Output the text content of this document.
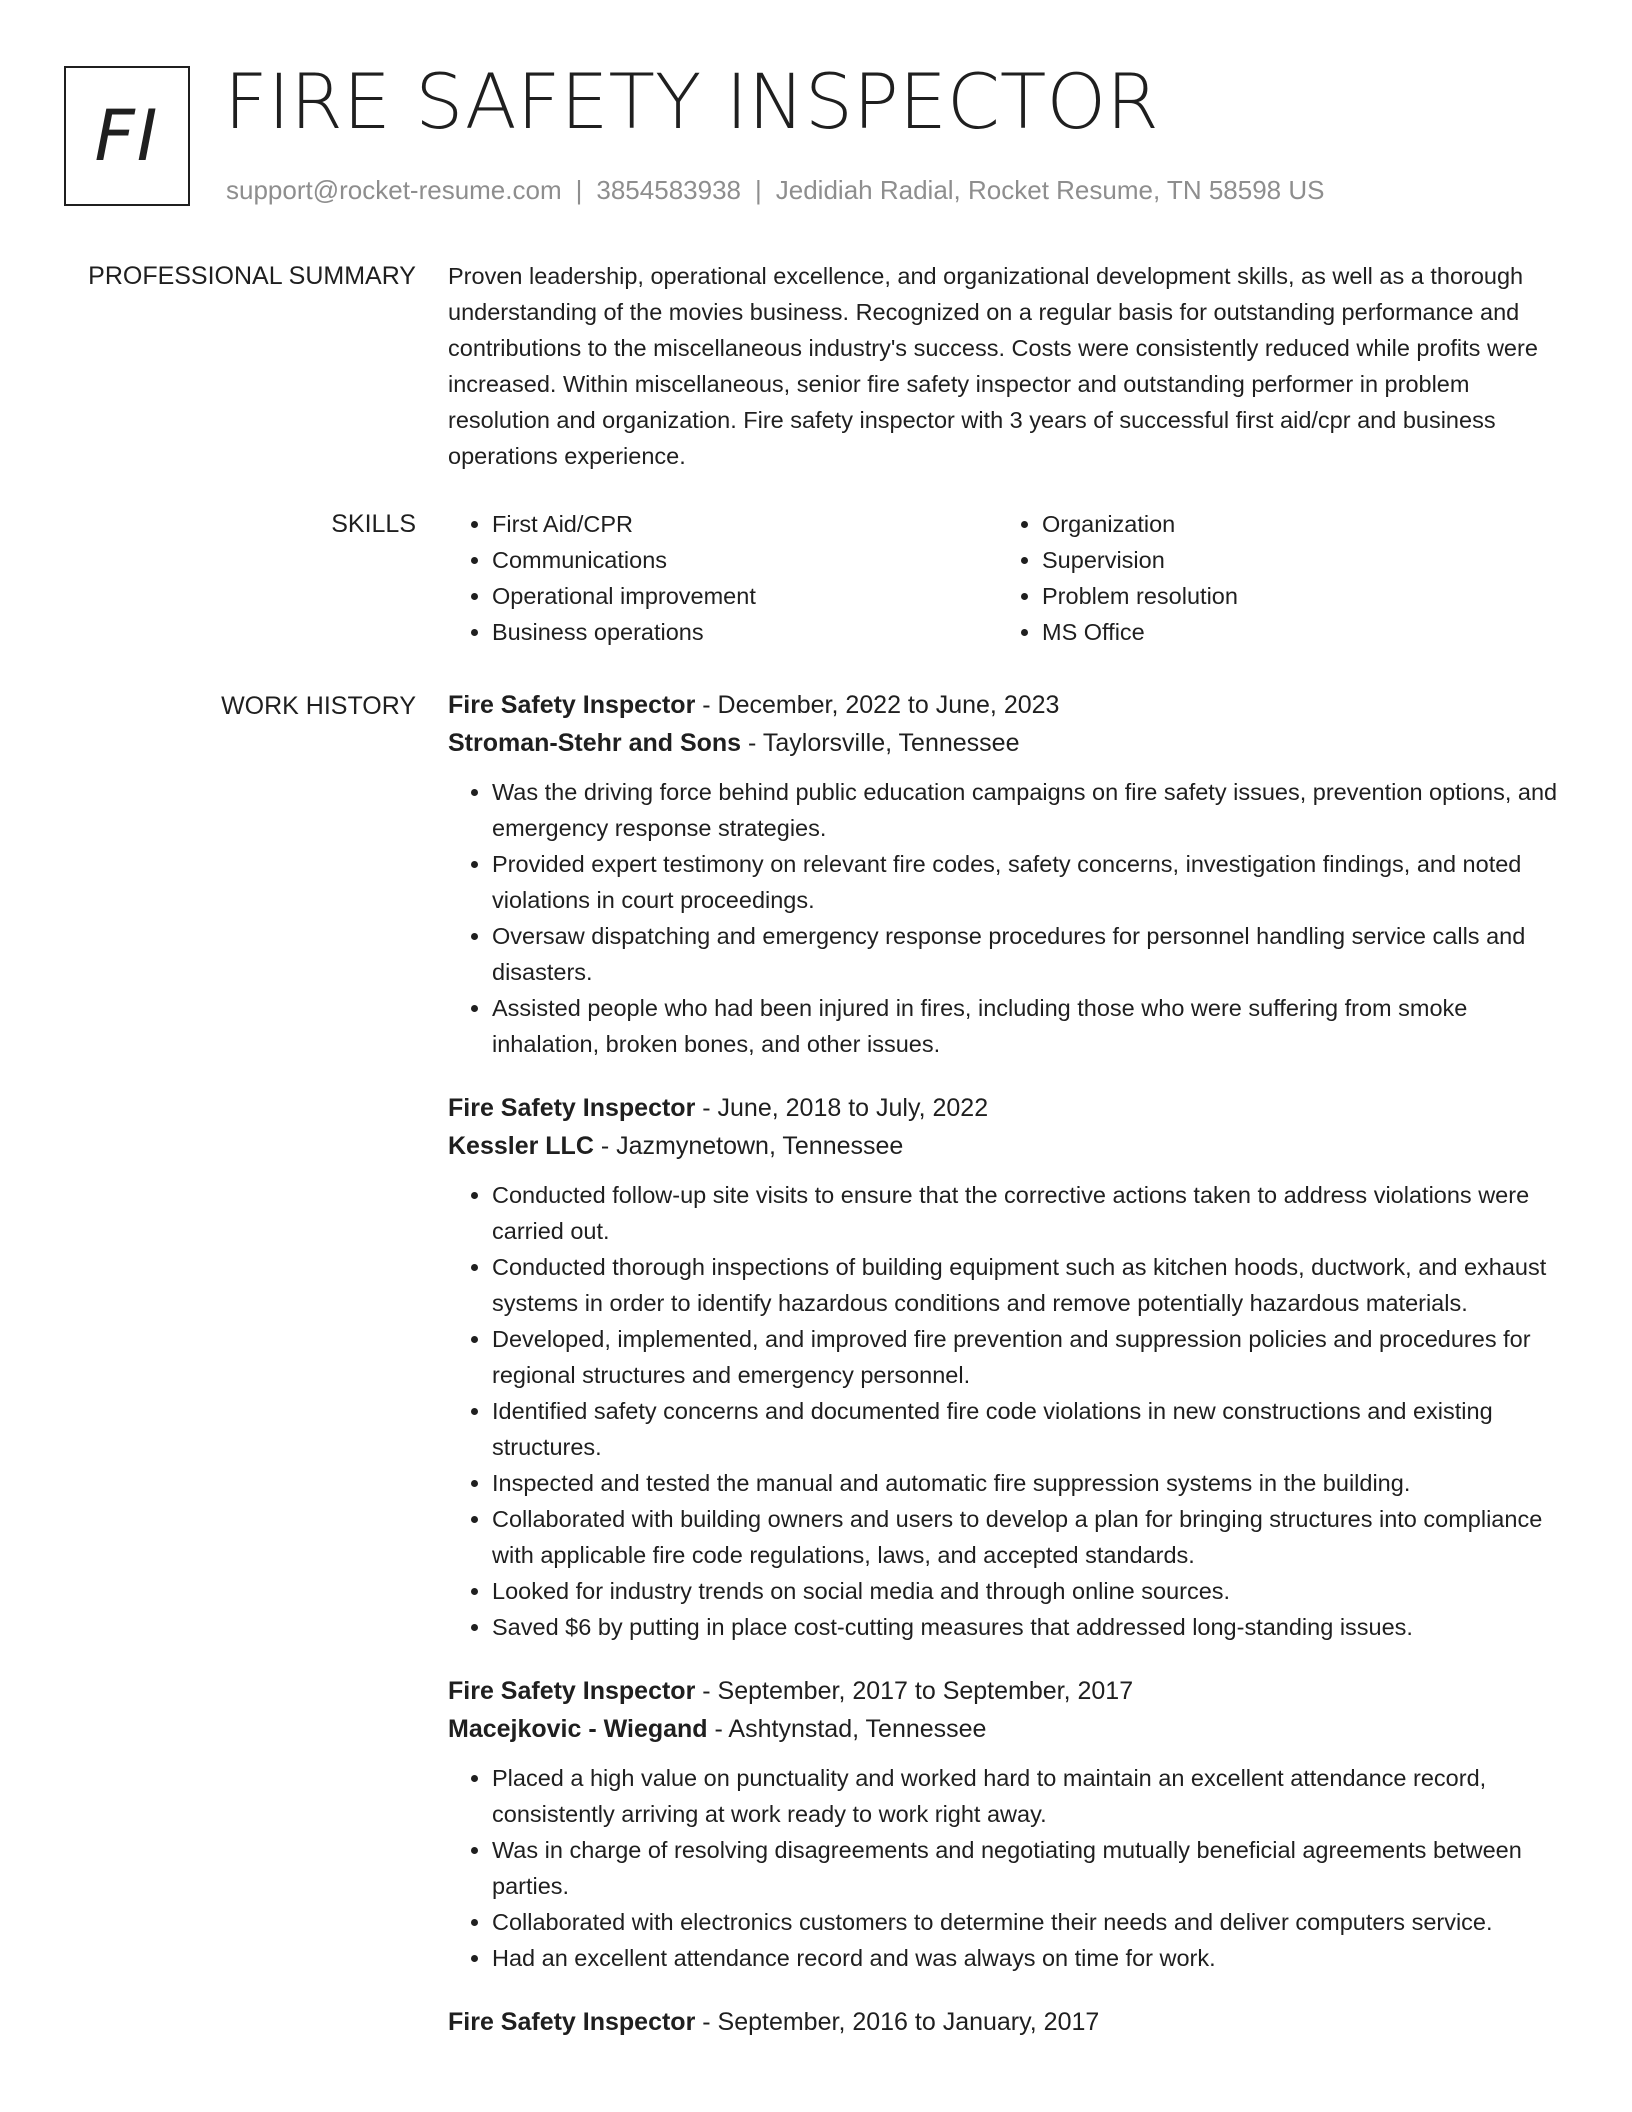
FI FIRE SAFETY INSPECTOR
support@rocket-resume.com | 3854583938 | Jedidiah Radial, Rocket Resume, TN 58598 US
PROFESSIONAL SUMMARY Proven leadership, operational excellence, and organizational development skills, as well as a thorough understanding of the movies business. Recognized on a regular basis for outstanding performance and contributions to the miscellaneous industry's success. Costs were consistently reduced while profits were increased. Within miscellaneous, senior fire safety inspector and outstanding performer in problem resolution and organization. Fire safety inspector with 3 years of successful first aid/cpr and business operations experience.

SKILLS
•	First Aid/CPR
• Communications
• Operational improvement
• Business operations
• Organization
• Supervision
• Problem resolution
• MS Office
WORK HISTORY Fire Safety Inspector - December, 2022 to June, 2023
Stroman-Stehr and Sons - Taylorsville, Tennessee
• Was the driving force behind public education campaigns on fire safety issues, prevention options, and emergency response strategies.
• Provided expert testimony on relevant fire codes, safety concerns, investigation findings, and noted violations in court proceedings.
• Oversaw dispatching and emergency response procedures for personnel handling service calls and disasters.
• Assisted people who had been injured in fires, including those who were suffering from smoke inhalation, broken bones, and other issues.
Fire Safety Inspector - June, 2018 to July, 2022
Kessler LLC - Jazmynetown, Tennessee
• Conducted follow-up site visits to ensure that the corrective actions taken to address violations were carried out.
• Conducted thorough inspections of building equipment such as kitchen hoods, ductwork, and exhaust systems in order to identify hazardous conditions and remove potentially hazardous materials.
• Developed, implemented, and improved fire prevention and suppression policies and procedures for regional structures and emergency personnel.
• Identified safety concerns and documented fire code violations in new constructions and existing structures.
• Inspected and tested the manual and automatic fire suppression systems in the building.
• Collaborated with building owners and users to develop a plan for bringing structures into compliance with applicable fire code regulations, laws, and accepted standards.
• Looked for industry trends on social media and through online sources.
• Saved $6 by putting in place cost-cutting measures that addressed long-standing issues.
Fire Safety Inspector - September, 2017 to September, 2017
Macejkovic - Wiegand - Ashtynstad, Tennessee
• Placed a high value on punctuality and worked hard to maintain an excellent attendance record, consistently arriving at work ready to work right away.
• Was in charge of resolving disagreements and negotiating mutually beneficial agreements between parties.
• Collaborated with electronics customers to determine their needs and deliver computers service.
• Had an excellent attendance record and was always on time for work.
Fire Safety Inspector - September, 2016 to January, 2017
